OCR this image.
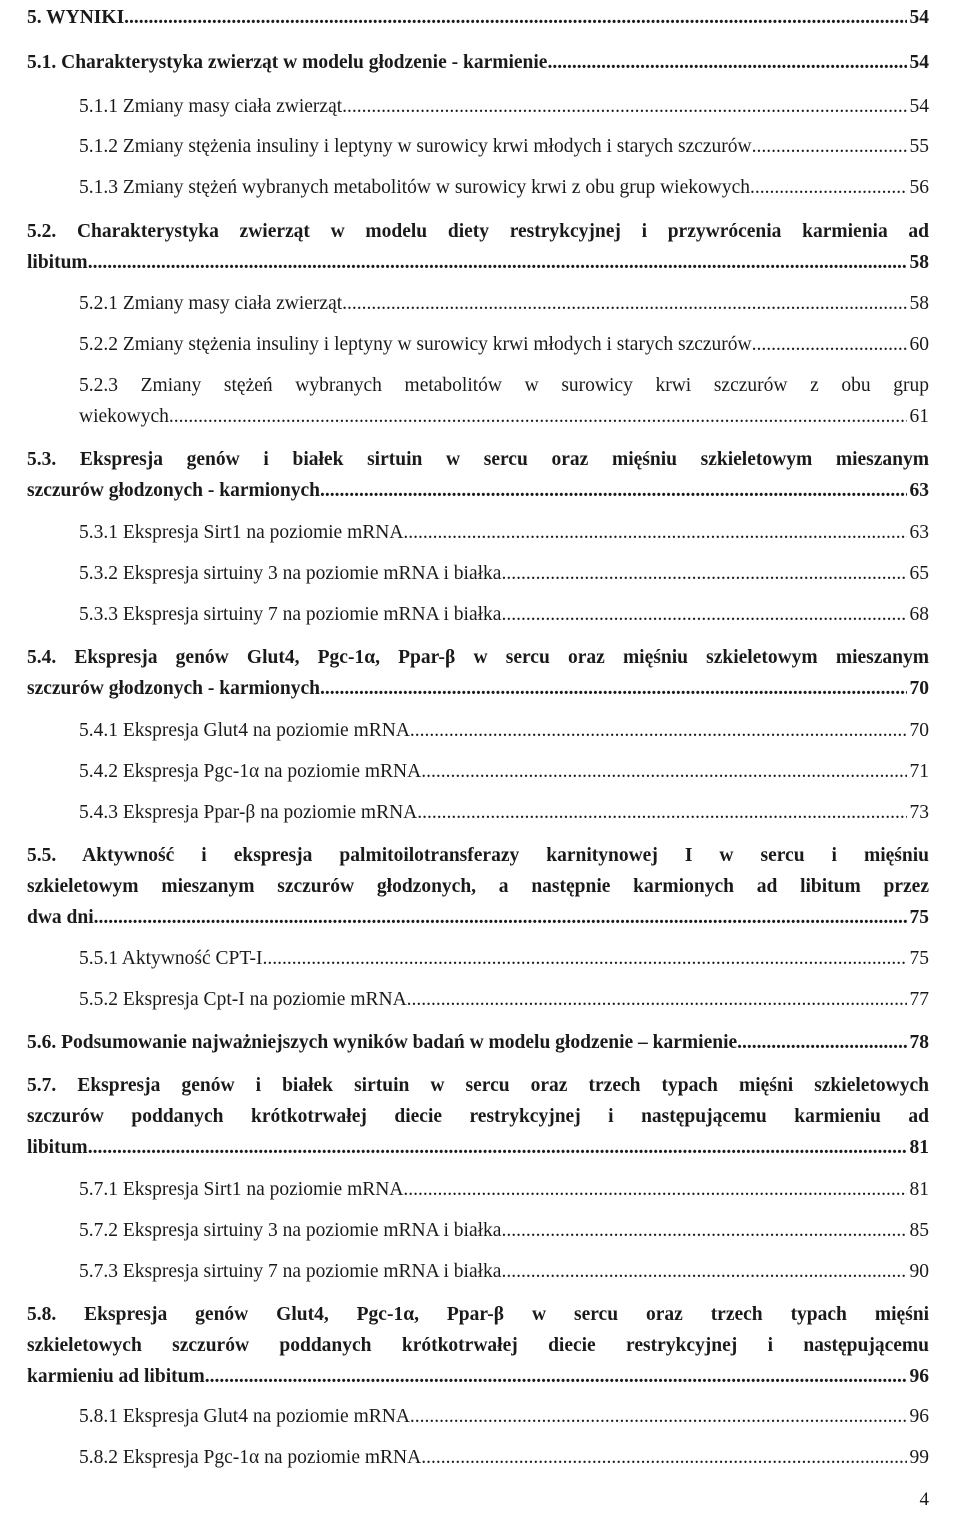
5. WYNIKI .....	54
5.1. Charakterystyka zwierząt w modelu głodzenie - karmienie .....	54
5.1.1 Zmiany masy ciała zwierząt .....	54
5.1.2 Zmiany stężenia insuliny i leptyny w surowicy krwi młodych i starych szczurów .....	55
5.1.3 Zmiany stężeń wybranych metabolitów w surowicy krwi z obu grup wiekowych .....	56
5.2. Charakterystyka zwierząt w modelu diety restrykcyjnej i przywrócenia karmienia ad
libitum .....	58
5.2.1 Zmiany masy ciała zwierząt .....	58
5.2.2 Zmiany stężenia insuliny i leptyny w surowicy krwi młodych i starych szczurów .....	60
5.2.3 Zmiany stężeń wybranych metabolitów w surowicy krwi szczurów z obu grup
wiekowych .....	61
5.3. Ekspresja genów i białek sirtuin w sercu oraz mięśniu szkieletowym mieszanym
szczurów głodzonych - karmionych .....	63
5.3.1 Ekspresja Sirt1 na poziomie mRNA .....	63
5.3.2 Ekspresja sirtuiny 3 na poziomie mRNA i białka .....	65
5.3.3 Ekspresja sirtuiny 7 na poziomie mRNA i białka .....	68
5.4. Ekspresja genów Glut4, Pgc-1α, Ppar-β w sercu oraz mięśniu szkieletowym mieszanym
szczurów głodzonych - karmionych .....	70
5.4.1 Ekspresja Glut4 na poziomie mRNA .....	70
5.4.2 Ekspresja Pgc-1α na poziomie mRNA .....	71
5.4.3 Ekspresja Ppar-β na poziomie mRNA .....	73
5.5. Aktywność i ekspresja palmitoilotransferazy karnitynowej I w sercu i mięśniu
szkieletowym mieszanym szczurów głodzonych, a następnie karmionych ad libitum przez
dwa dni .....	75
5.5.1 Aktywność CPT-I .....	75
5.5.2 Ekspresja Cpt-I na poziomie mRNA .....	77
5.6. Podsumowanie najważniejszych wyników badań w modelu głodzenie – karmienie .....	78
5.7. Ekspresja genów i białek sirtuin w sercu oraz trzech typach mięśni szkieletowych
szczurów poddanych krótkotrwałej diecie restrykcyjnej i następującemu karmieniu ad
libitum .....	81
5.7.1 Ekspresja Sirt1 na poziomie mRNA .....	81
5.7.2 Ekspresja sirtuiny 3 na poziomie mRNA i białka .....	85
5.7.3 Ekspresja sirtuiny 7 na poziomie mRNA i białka .....	90
5.8. Ekspresja genów Glut4, Pgc-1α, Ppar-β w sercu oraz trzech typach mięśni
szkieletowych szczurów poddanych krótkotrwałej diecie restrykcyjnej i następującemu
karmieniu ad libitum .....	96
5.8.1 Ekspresja Glut4 na poziomie mRNA .....	96
5.8.2 Ekspresja Pgc-1α na poziomie mRNA .....	99
4
